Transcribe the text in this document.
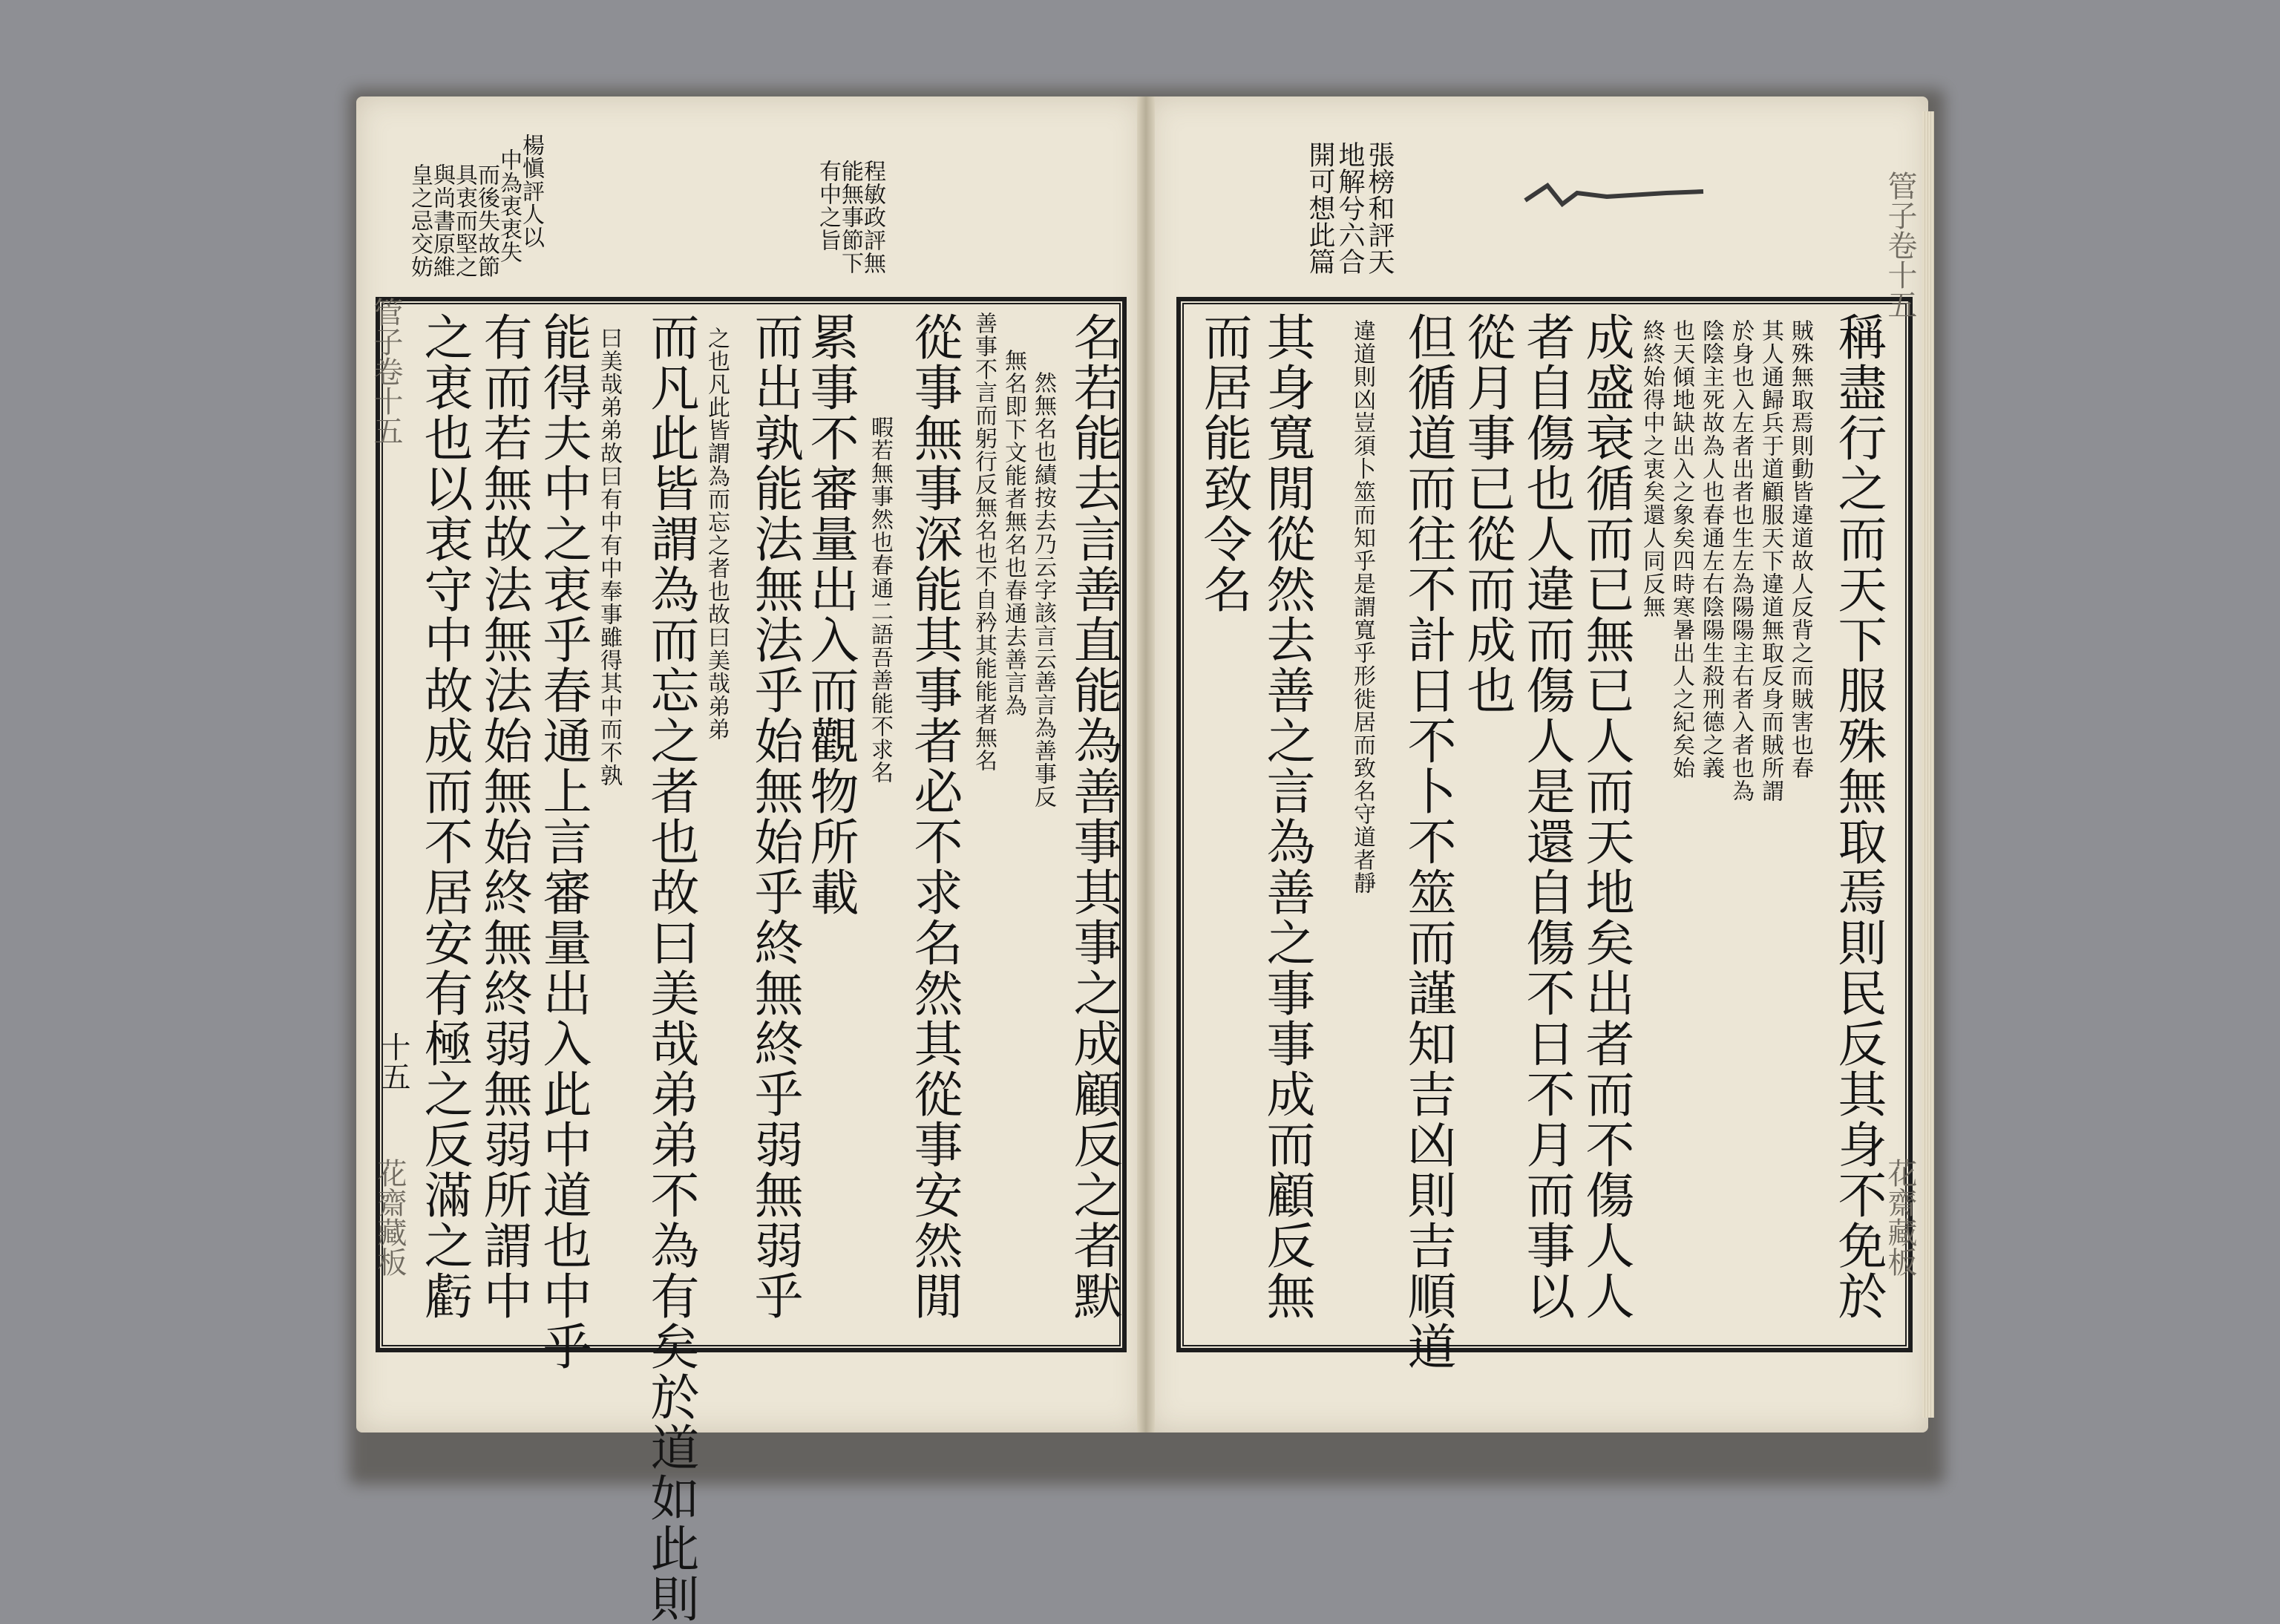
程敏政評無
能無事節下
有中之旨
楊愼評人以
中為衷衷失
而後失故節
具衷而堅之
與尚書原維
皇之忌交妨
名若能去言善直能為善事其事之成顧反之者默
然無名也績按去乃云字該言云善言為善事反
無名即下文能者無名也春通去善言為
善事不言而躬行反無名也不自矜其能能者無名
從事無事深能其事者必不求名然其從事安然閒
暇若無事然也春通二語吾善能不求名
累事不審量出入而觀物所載
而出孰能法無法乎始無始乎終無終乎弱無弱乎
之也凡此皆謂為而忘之者也故曰美哉弟弟
而凡此皆謂為而忘之者也故曰美哉弟弟不為有矣於道如此則
曰美哉弟弟故曰有中有中奉事雖得其中而不孰
能得夫中之衷乎春通上言審量出入此中道也中乎
有而若無故法無法始無始終無終弱無弱所謂中
之衷也以衷守中故成而不居安有極之反滿之虧
管子卷十五
十五
花齋藏板
張榜和評天
地解兮六合
開可想此篇
稱盡行之而天下服殊無取焉則民反其身不免於
賊殊無取焉則動皆違道故人反背之而賊害也春
其人通歸兵于道顧服天下違道無取反身而賊所謂
於身也入左者出者也生左為陽陽主右者入者也為
陰陰主死故為人也春通左右陰陽生殺刑德之義
也天傾地缺出入之象矣四時寒暑出人之紀矣始
終終始得中之衷矣還人同反無
成盛衰循而已無已人而天地矣出者而不傷人人
者自傷也人違而傷人是還自傷不日不月而事以
從月事已從而成也
但循道而往不計日不卜不筮而謹知吉凶則吉順道
違道則凶豈須卜筮而知乎是謂寬乎形徙居而致名守道者靜
其身寬閒從然去善之言為善之事事成而顧反無
而居能致令名
管子卷十五
花齋藏板
